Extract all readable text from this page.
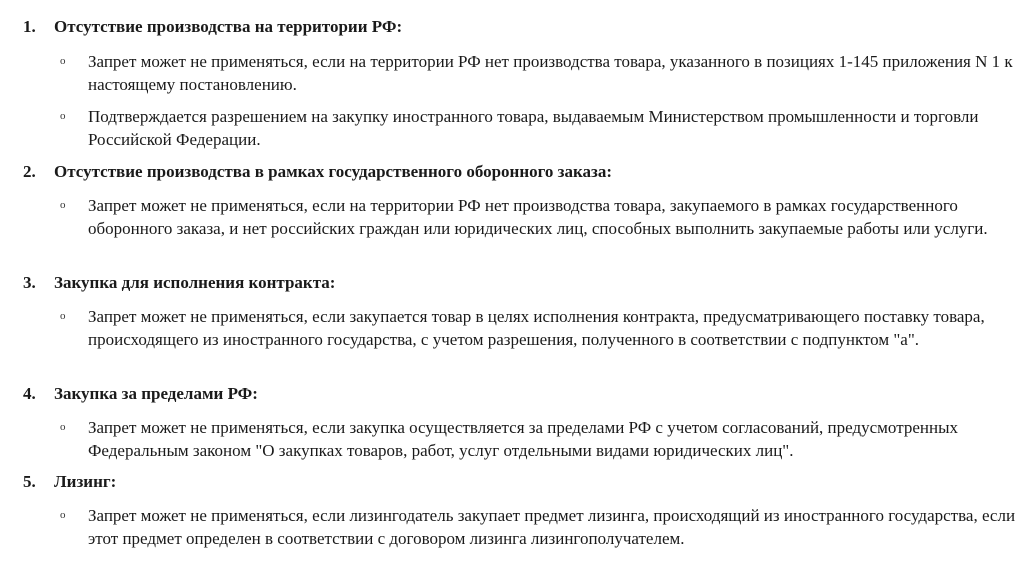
1. Отсутствие производства на территории РФ:
o Запрет может не применяться, если на территории РФ нет производства товара, указанного в позициях 1-145 приложения N 1 к настоящему постановлению.
o Подтверждается разрешением на закупку иностранного товара, выдаваемым Министерством промышленности и торговли Российской Федерации.
2. Отсутствие производства в рамках государственного оборонного заказа:
o Запрет может не применяться, если на территории РФ нет производства товара, закупаемого в рамках государственного оборонного заказа, и нет российских граждан или юридических лиц, способных выполнить закупаемые работы или услуги.
3. Закупка для исполнения контракта:
o Запрет может не применяться, если закупается товар в целях исполнения контракта, предусматривающего поставку товара, происходящего из иностранного государства, с учетом разрешения, полученного в соответствии с подпунктом "а".
4. Закупка за пределами РФ:
o Запрет может не применяться, если закупка осуществляется за пределами РФ с учетом согласований, предусмотренных Федеральным законом "О закупках товаров, работ, услуг отдельными видами юридических лиц".
5. Лизинг:
o Запрет может не применяться, если лизингодатель закупает предмет лизинга, происходящий из иностранного государства, если этот предмет определен в соответствии с договором лизинга лизингополучателем.
